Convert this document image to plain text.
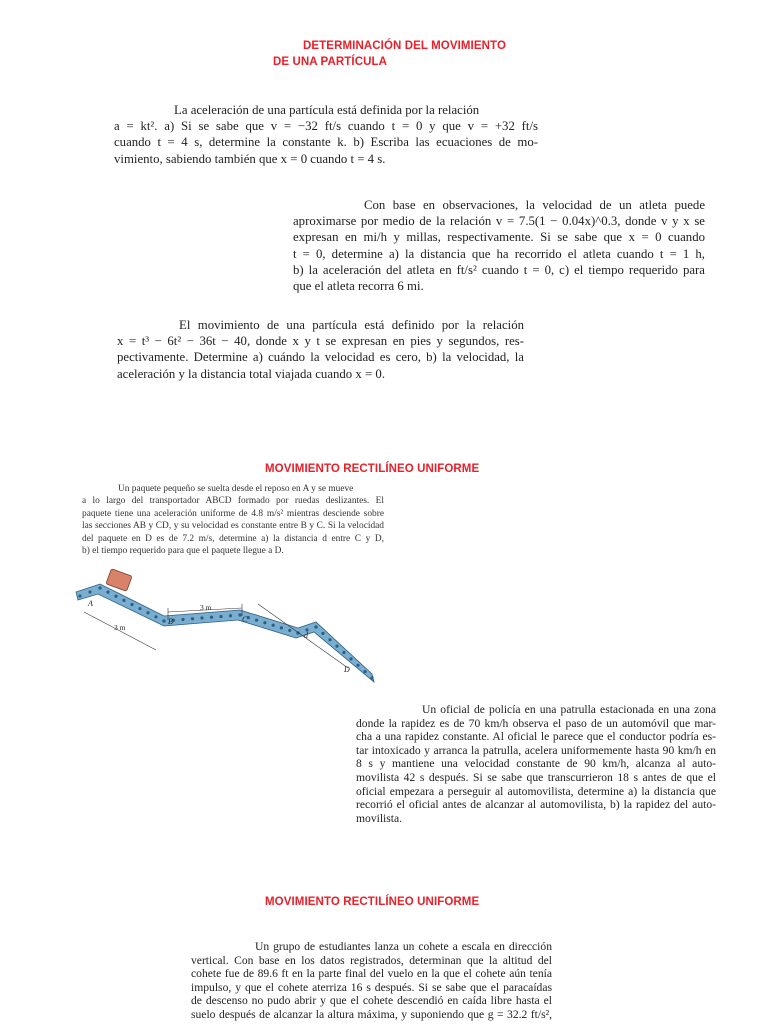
DETERMINACIÓN DEL MOVIMIENTO

DE UNA PARTÍCULA

La aceleración de una partícula está definida por la relación
a = kt². a) Si se sabe que v = −32 ft/s cuando t = 0 y que v = +32 ft/s
cuando t = 4 s, determine la constante k. b) Escriba las ecuaciones de mo-
vimiento, sabiendo también que x = 0 cuando t = 4 s.
Con base en observaciones, la velocidad de un atleta puede
aproximarse por medio de la relación v = 7.5(1 − 0.04x)^0.3, donde v y x se
expresan en mi/h y millas, respectivamente. Si se sabe que x = 0 cuando
t = 0, determine a) la distancia que ha recorrido el atleta cuando t = 1 h,
b) la aceleración del atleta en ft/s² cuando t = 0, c) el tiempo requerido para
que el atleta recorra 6 mi.
El movimiento de una partícula está definido por la relación
x = t³ − 6t² − 36t − 40, donde x y t se expresan en pies y segundos, res-
pectivamente. Determine a) cuándo la velocidad es cero, b) la velocidad, la
aceleración y la distancia total viajada cuando x = 0.

MOVIMIENTO RECTILÍNEO UNIFORME

Un paquete pequeño se suelta desde el reposo en A y se mueve
a lo largo del transportador ABCD formado por ruedas deslizantes. El
paquete tiene una aceleración uniforme de 4.8 m/s² mientras desciende sobre
las secciones AB y CD, y su velocidad es constante entre B y C. Si la velocidad
del paquete en D es de 7.2 m/s, determine a) la distancia d entre C y D,
b) el tiempo requerido para que el paquete llegue a D.
A
B	C
D
3 m
3 m
d
Un oficial de policía en una patrulla estacionada en una zona
donde la rapidez es de 70 km/h observa el paso de un automóvil que mar-
cha a una rapidez constante. Al oficial le parece que el conductor podría es-
tar intoxicado y arranca la patrulla, acelera uniformemente hasta 90 km/h en
8 s y mantiene una velocidad constante de 90 km/h, alcanza al auto-
movilista 42 s después. Si se sabe que transcurrieron 18 s antes de que el
oficial empezara a perseguir al automovilista, determine a) la distancia que
recorrió el oficial antes de alcanzar al automovilista, b) la rapidez del auto-
movilista.

MOVIMIENTO RECTILÍNEO UNIFORME

Un grupo de estudiantes lanza un cohete a escala en dirección
vertical. Con base en los datos registrados, determinan que la altitud del
cohete fue de 89.6 ft en la parte final del vuelo en la que el cohete aún tenía
impulso, y que el cohete aterriza 16 s después. Si se sabe que el paracaídas
de descenso no pudo abrir y que el cohete descendió en caída libre hasta el
suelo después de alcanzar la altura máxima, y suponiendo que g = 32.2 ft/s²,
